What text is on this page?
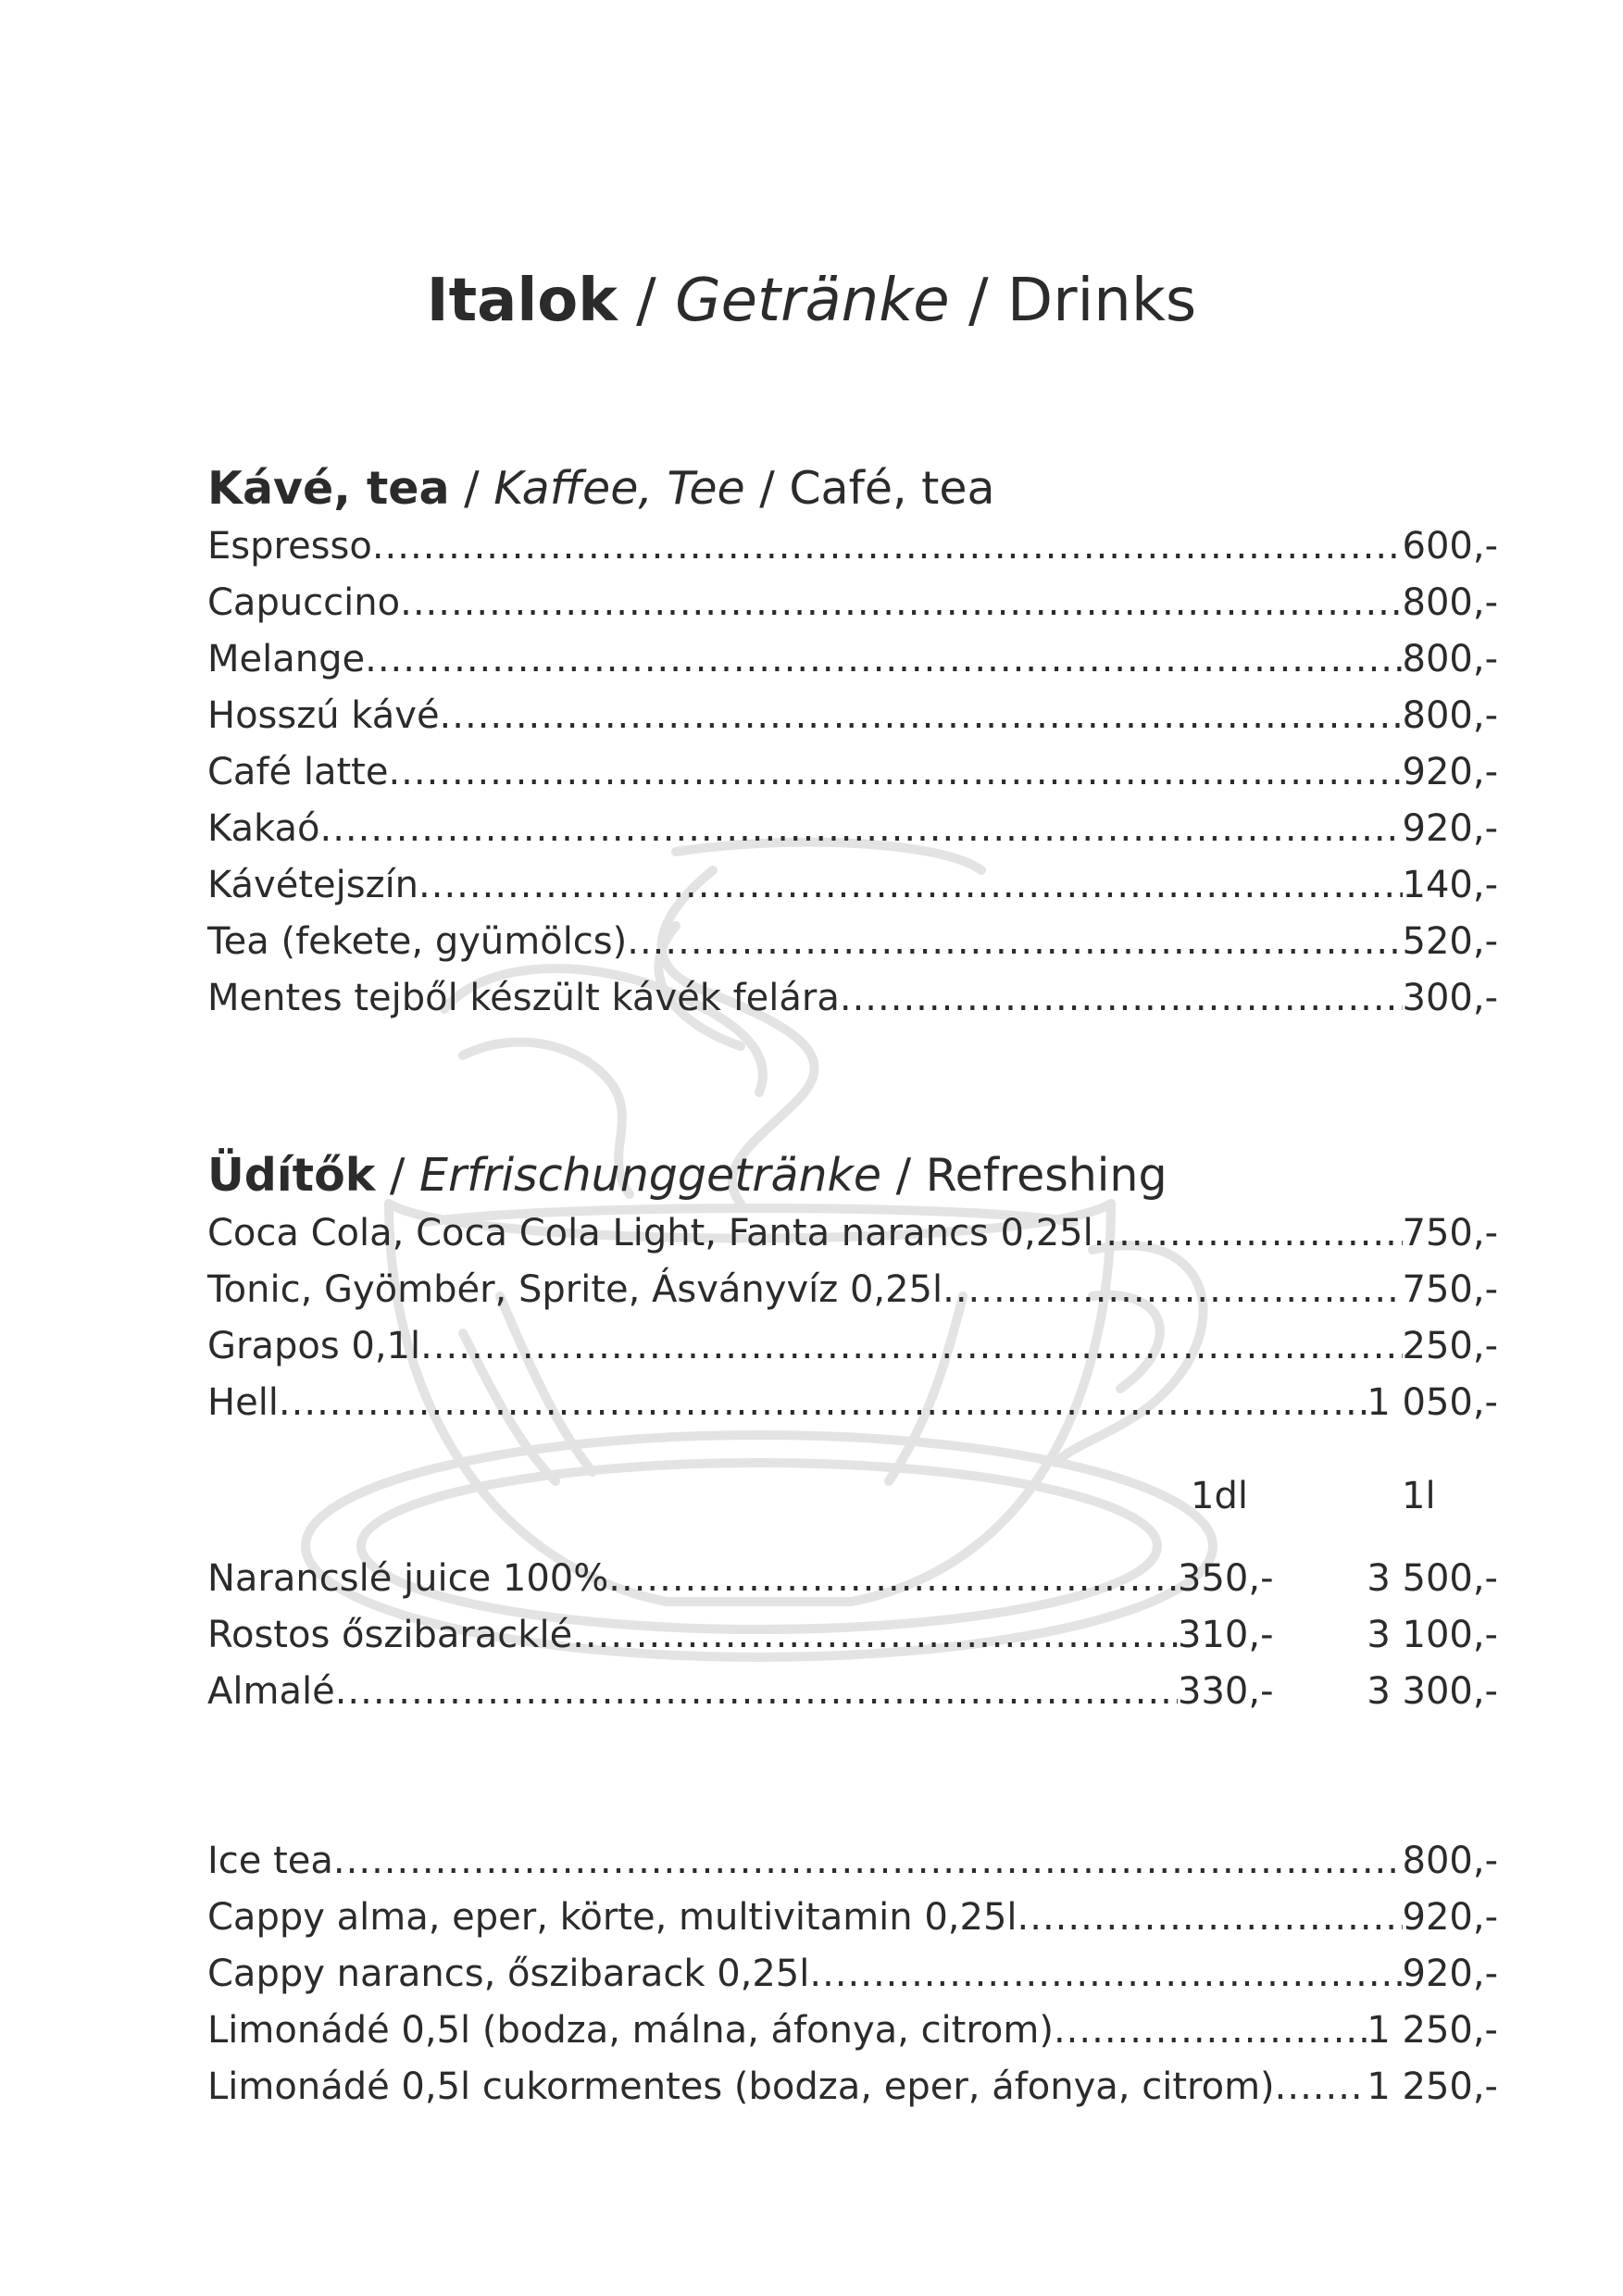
Italok / Getränke / Drinks
Kávé, tea / Kaffee, Tee / Café, tea
Espresso .....	600,-
Capuccino .....	800,-
Melange .....	800,-
Hosszú kávé .....	800,-
Café latte .....	920,-
Kakaó .....	920,-
Kávétejszín .....	140,-
Tea (fekete, gyümölcs) .....	520,-
Mentes tejből készült kávék felára .....	300,-
Üdítők / Erfrischunggetränke / Refreshing
Coca Cola, Coca Cola Light, Fanta narancs 0,25l .....	750,-
Tonic, Gyömbér, Sprite, Ásványvíz 0,25l .....	750,-
Grapos 0,1l .....	250,-
Hell .....	1 050,-
1dl	1l
Narancslé juice 100% .....	350,-	3 500,-
Rostos őszibaracklé .....	310,-	3 100,-
Almalé .....	330,-	3 300,-
Ice tea .....	800,-
Cappy alma, eper, körte, multivitamin 0,25l .....	920,-
Cappy narancs, őszibarack 0,25l .....	920,-
Limonádé 0,5l (bodza, málna, áfonya, citrom) .....	1 250,-
Limonádé 0,5l cukormentes (bodza, eper, áfonya, citrom) ..... 1 250,-
